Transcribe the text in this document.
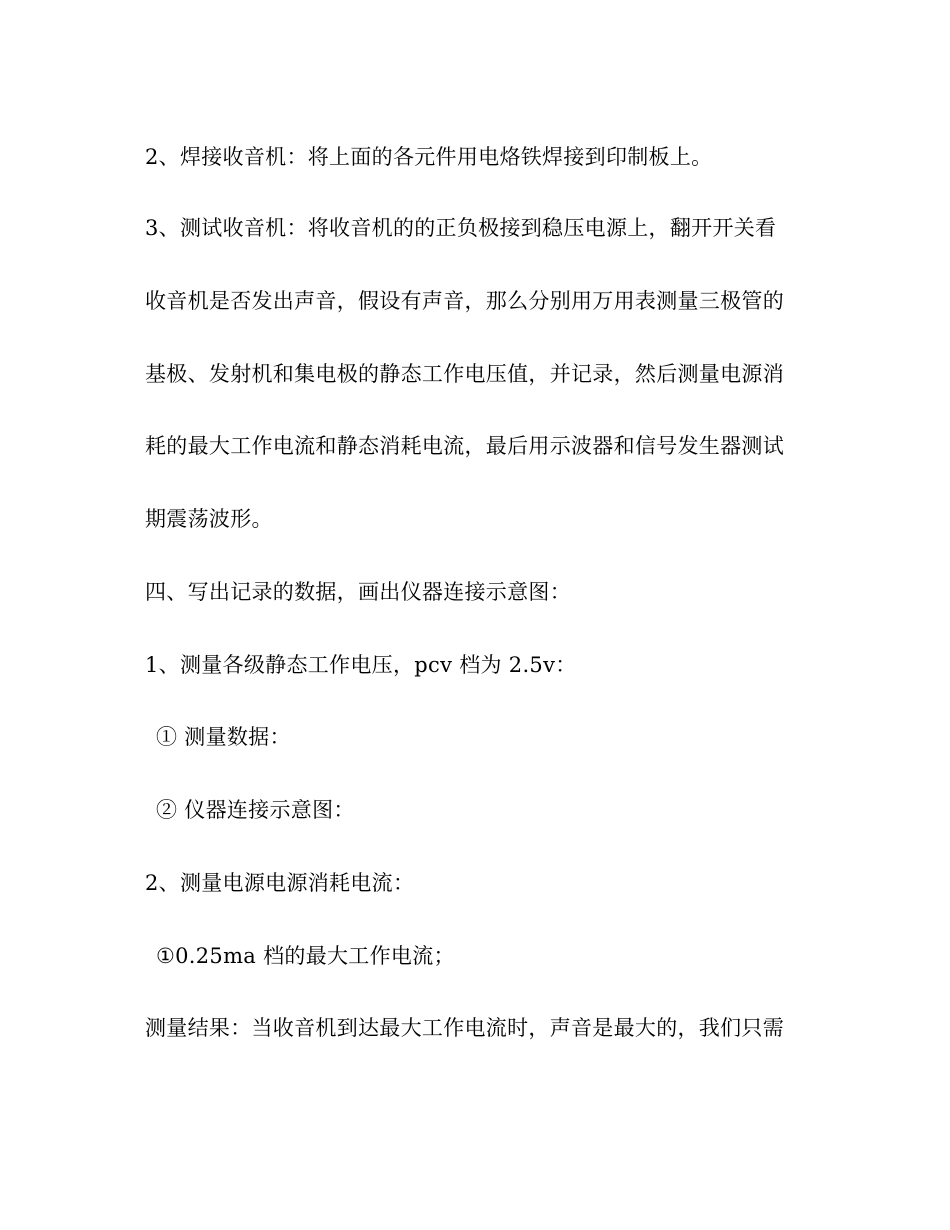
2、焊接收音机：将上面的各元件用电烙铁焊接到印制板上。
3、测试收音机：将收音机的的正负极接到稳压电源上，翻开开关看
收音机是否发出声音，假设有声音，那么分别用万用表测量三极管的
基极、发射机和集电极的静态工作电压值，并记录，然后测量电源消
耗的最大工作电流和静态消耗电流，最后用示波器和信号发生器测试
期震荡波形。
四、写出记录的数据，画出仪器连接示意图：
1、测量各级静态工作电压，pcv 档为 2.5v：
① 测量数据：
② 仪器连接示意图：
2、测量电源电源消耗电流：
①0.25ma 档的最大工作电流；
测量结果：当收音机到达最大工作电流时，声音是最大的，我们只需
